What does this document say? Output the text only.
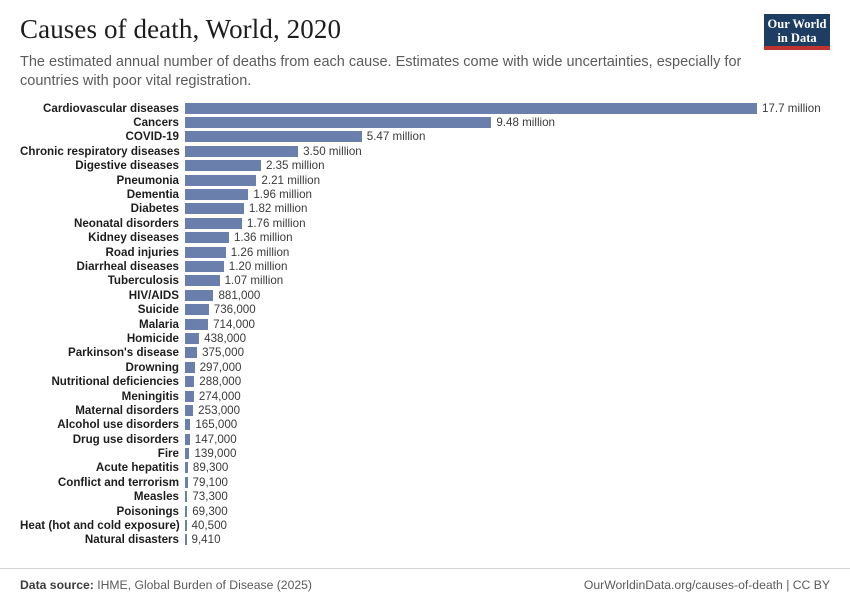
Our World
in Data
Causes of death, World, 2020

The estimated annual number of deaths from each cause. Estimates come with wide uncertainties, especially for countries with poor vital registration.

Cardiovascular diseases	17.7 million
Cancers	9.48 million
COVID-19	5.47 million
Chronic respiratory diseases	3.50 million
Digestive diseases	2.35 million
Pneumonia	2.21 million
Dementia	1.96 million
Diabetes	1.82 million
Neonatal disorders	1.76 million
Kidney diseases	1.36 million
Road injuries	1.26 million
Diarrheal diseases	1.20 million
Tuberculosis	1.07 million
HIV/AIDS	881,000
Suicide	736,000
Malaria	714,000
Homicide	438,000
Parkinson's disease	375,000
Drowning	297,000
Nutritional deficiencies	288,000
Meningitis	274,000
Maternal disorders	253,000
Alcohol use disorders	165,000
Drug use disorders	147,000
Fire	139,000
Acute hepatitis	89,300
Conflict and terrorism	79,100
Measles	73,300
Poisonings	69,300
Heat (hot and cold exposure)	40,500
Natural disasters	9,410
Data source: IHME, Global Burden of Disease (2025)	OurWorldinData.org/causes-of-death | CC BY
